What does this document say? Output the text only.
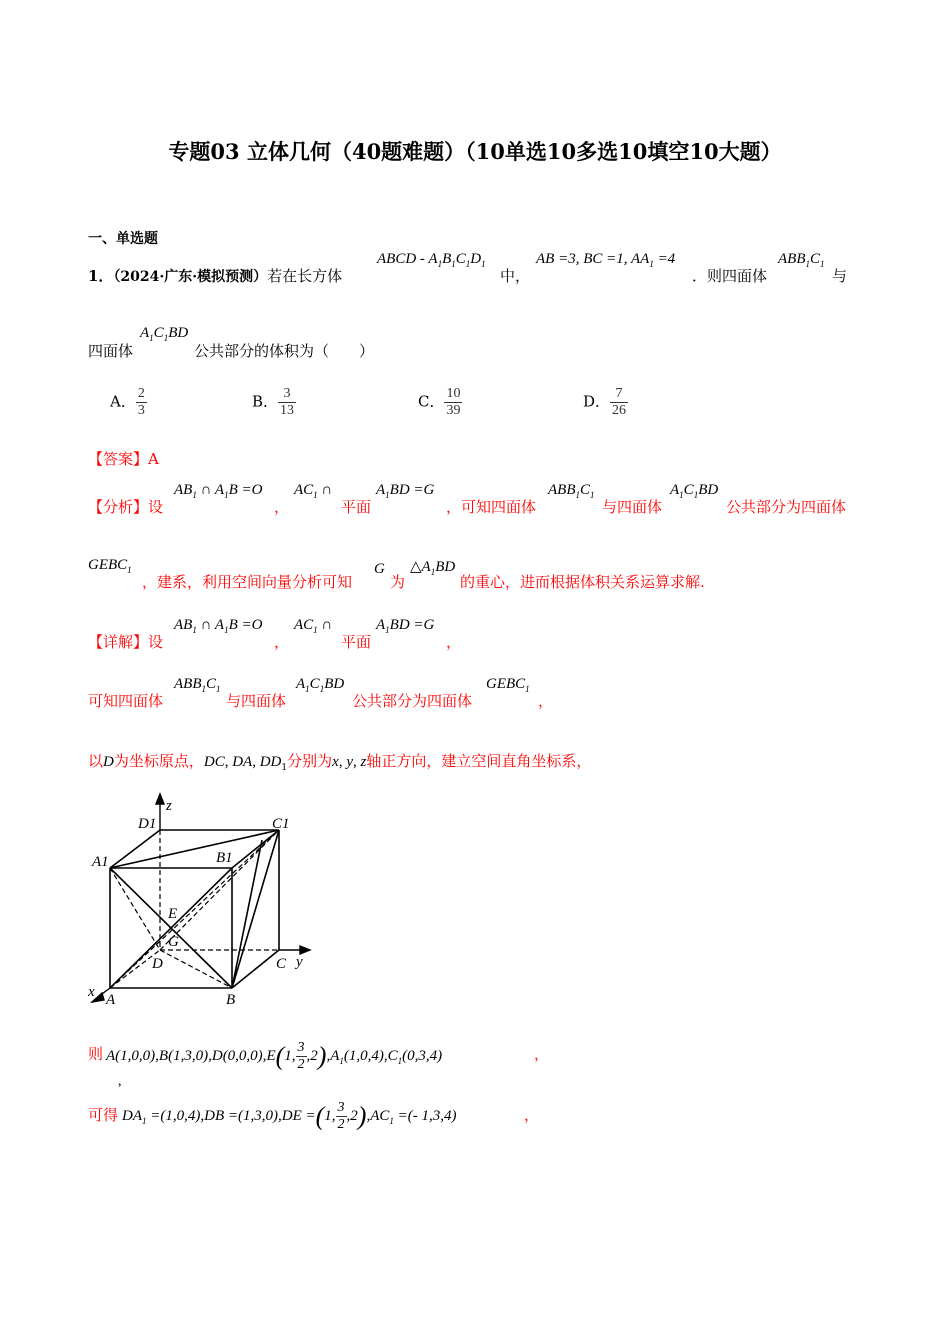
专题03 立体几何（40题难题）（10单选10多选10填空10大题）
一、单选题
1．（2024·广东·模拟预测）若在长方体
ABCD - $A_1B_1C_1D_1$
中，
AB =3, BC =1, $AA_1 =4$
．则四面体
$ABB_1C_1$
与
四面体
$A_1C_1BD$
公共部分的体积为（　　）
A． $\frac{2}{3}$	B． $\frac{3}{13}$	C． $\frac{10}{39}$	D． $\frac{7}{26}$
【答案】A
【分析】设
$AB_1$ ∩ $A_1B =O$
，
$AC_1$ ∩
平面
$A_1BD =G$
，可知四面体
$ABB_1C_1$
与四面体
$A_1C_1BD$
公共部分为四面体
$GEBC_1$
，建系，利用空间向量分析可知
G
为
$\triangle A_1BD$
的重心，进而根据体积关系运算求解.
【详解】设
$AB_1$ ∩ $A_1B =O$
，
$AC_1$ ∩
平面
$A_1BD =G$
，
可知四面体
$ABB_1C_1$
与四面体
$A_1C_1BD$
公共部分为四面体
$GEBC_1$
，
以D为坐标原点，DC, DA, $DD_1$分别为x, y, z轴正方向，建立空间直角坐标系，
z
D1	C1
A1	B1
E
G
D	C y
x A	B
则 A(1,0,0),B(1,3,0),D(0,0,0),E(1, $\frac{3}{2} ,2),A_1(1,0,4),C_1(0,3,4)$	，
,
可得 $DA_1 =(1,0,4),DB =(1,3,0),DE =(1$, $\frac{3}{2} ,2),AC_1$ =(- 1,3,4)	，
